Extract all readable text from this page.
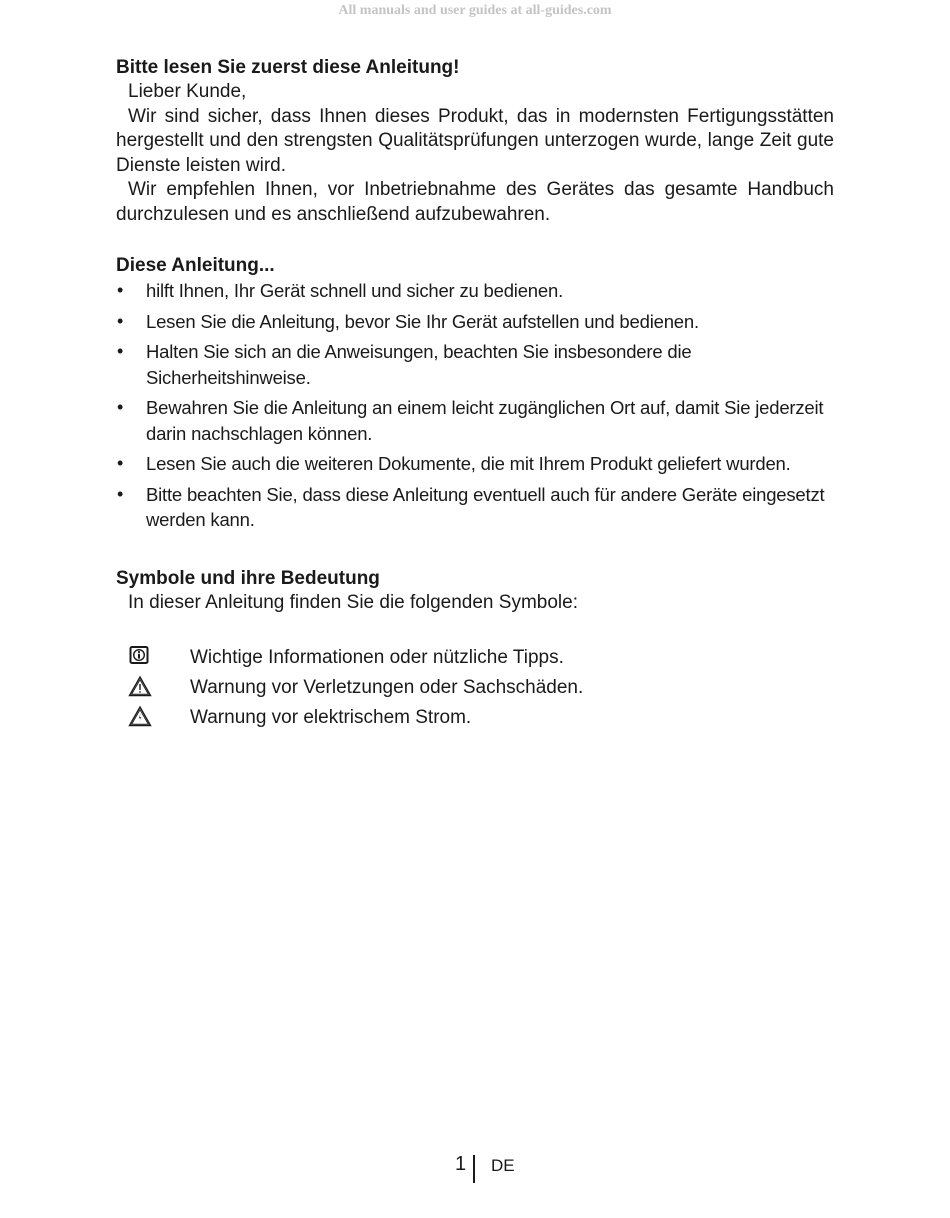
All manuals and user guides at all-guides.com

Bitte lesen Sie zuerst diese Anleitung!

Lieber Kunde,

Wir sind sicher, dass Ihnen dieses Produkt, das in modernsten Fertigungsstätten hergestellt und den strengsten Qualitätsprüfungen unterzogen wurde, lange Zeit gute Dienste leisten wird.

Wir empfehlen Ihnen, vor Inbetriebnahme des Gerätes das gesamte Handbuch durchzulesen und es anschließend aufzubewahren.

Diese Anleitung...

• hilft Ihnen, Ihr Gerät schnell und sicher zu bedienen.
• Lesen Sie die Anleitung, bevor Sie Ihr Gerät aufstellen und bedienen.
• Halten Sie sich an die Anweisungen, beachten Sie insbesondere die Sicherheitshinweise.
• Bewahren Sie die Anleitung an einem leicht zugänglichen Ort auf, damit Sie jederzeit darin nachschlagen können.
• Lesen Sie auch die weiteren Dokumente, die mit Ihrem Produkt geliefert wurden.
• Bitte beachten Sie, dass diese Anleitung eventuell auch für andere Geräte eingesetzt werden kann.

Symbole und ihre Bedeutung

In dieser Anleitung finden Sie die folgenden Symbole:

Wichtige Informationen oder nützliche Tipps.
Warnung vor Verletzungen oder Sachschäden.
Warnung vor elektrischem Strom.
1 DE
